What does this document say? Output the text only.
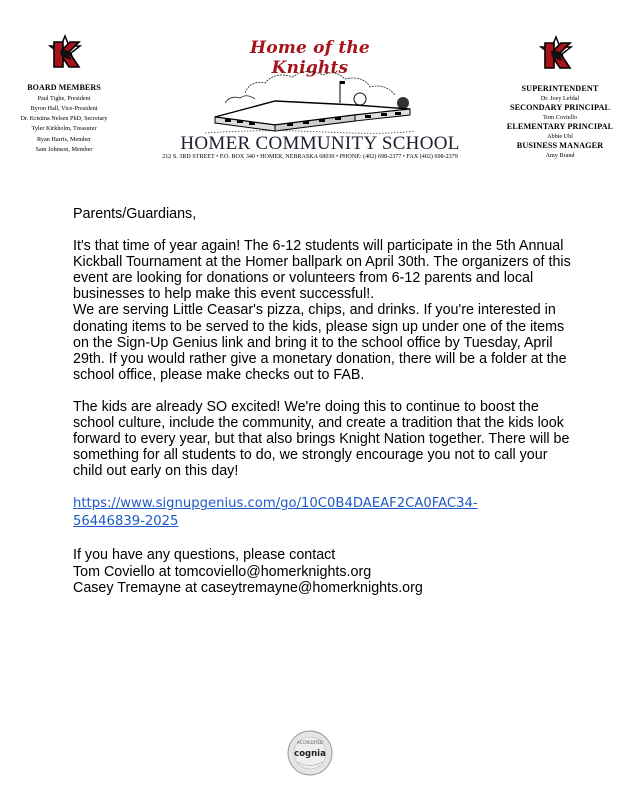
BOARD MEMBERS
Paul Tighe, President
Byron Hall, Vice-President
Dr. Kristina Nelsen PhD, Secretary
Tyler Kirkholm, Treasurer
Ryan Harris, Member
Sam Johnson, Member
SUPERINTENDENT
Dr. Joey Lefdal
SECONDARY PRINCIPAL
Tom Coviello
ELEMENTARY PRINCIPAL
Abbie Uhl
BUSINESS MANAGER
Amy Brand
Home of the Knights
HOMER COMMUNITY SCHOOL
212 S. 3RD STREET • P.O. BOX 340 • HOMER, NEBRASKA 68030 • PHONE: (402) 698-2377 • FAX (402) 698-2379

Parents/Guardians,

It's that time of year again! The 6-12 students will participate in the 5th Annual Kickball Tournament at the Homer ballpark on April 30th. The organizers of this event are looking for donations or volunteers from 6-12 parents and local businesses to help make this event successful!.

We are serving Little Ceasar's pizza, chips, and drinks. If you're interested in donating items to be served to the kids, please sign up under one of the items on the Sign-Up Genius link and bring it to the school office by Tuesday, April 29th. If you would rather give a monetary donation, there will be a folder at the school office, please make checks out to FAB.

The kids are already SO excited! We're doing this to continue to boost the school culture, include the community, and create a tradition that the kids look forward to every year, but that also brings Knight Nation together. There will be something for all students to do, we strongly encourage you not to call your child out early on this day!

https://www.signupgenius.com/go/10C0B4DAEAF2CA0FAC34-56446839-2025

If you have any questions, please contact

Tom Coviello at tomcoviello@homerknights.org

Casey Tremayne at caseytremayne@homerknights.org

ACCREDITED
cognia
